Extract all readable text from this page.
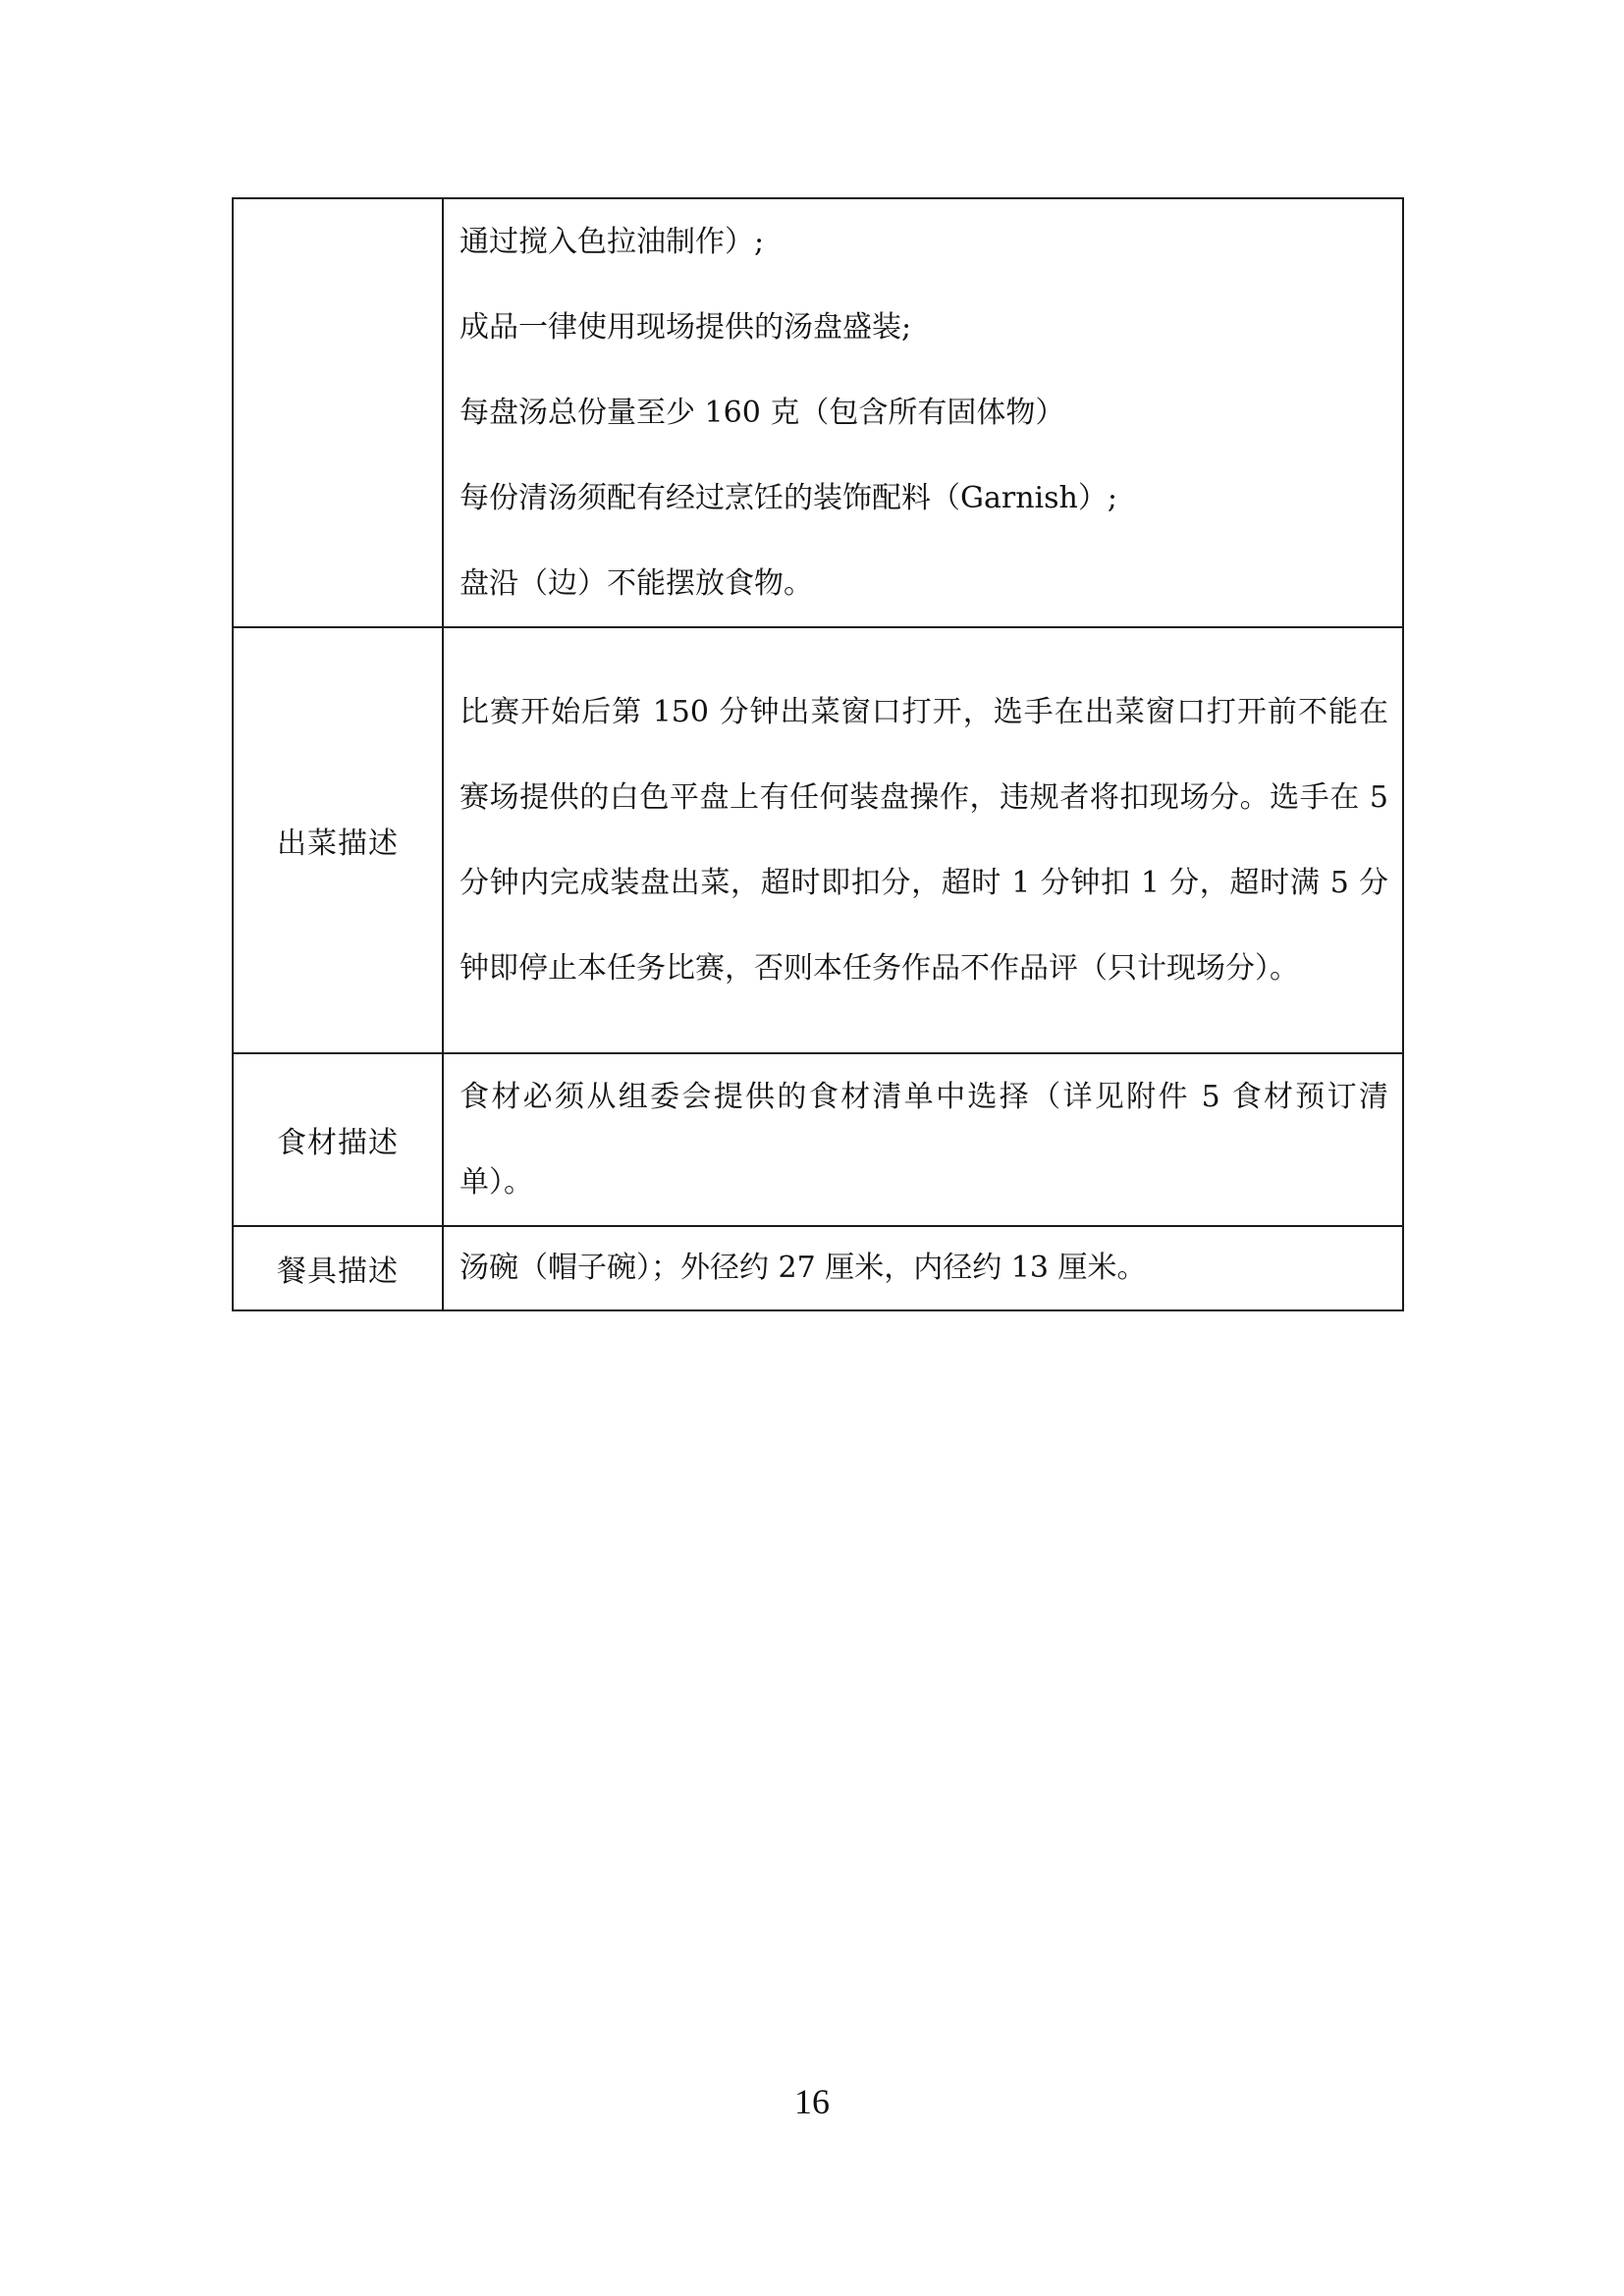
	通过搅入色拉油制作）;
成品一律使用现场提供的汤盘盛装;
每盘汤总份量至少 160 克（包含所有固体物）
每份清汤须配有经过烹饪的装饰配料（Garnish）;
盘沿（边）不能摆放食物。

出菜描述	比赛开始后第 150 分钟出菜窗口打开，选手在出菜窗口打开前不能在赛场提供的白色平盘上有任何装盘操作，违规者将扣现场分。选手在 5 分钟内完成装盘出菜，超时即扣分，超时 1 分钟扣 1 分，超时满 5 分钟即停止本任务比赛，否则本任务作品不作品评（只计现场分）。

食材描述	食材必须从组委会提供的食材清单中选择（详见附件 5 食材预订清单）。

餐具描述	汤碗（帽子碗）；外径约 27 厘米，内径约 13 厘米。
16
